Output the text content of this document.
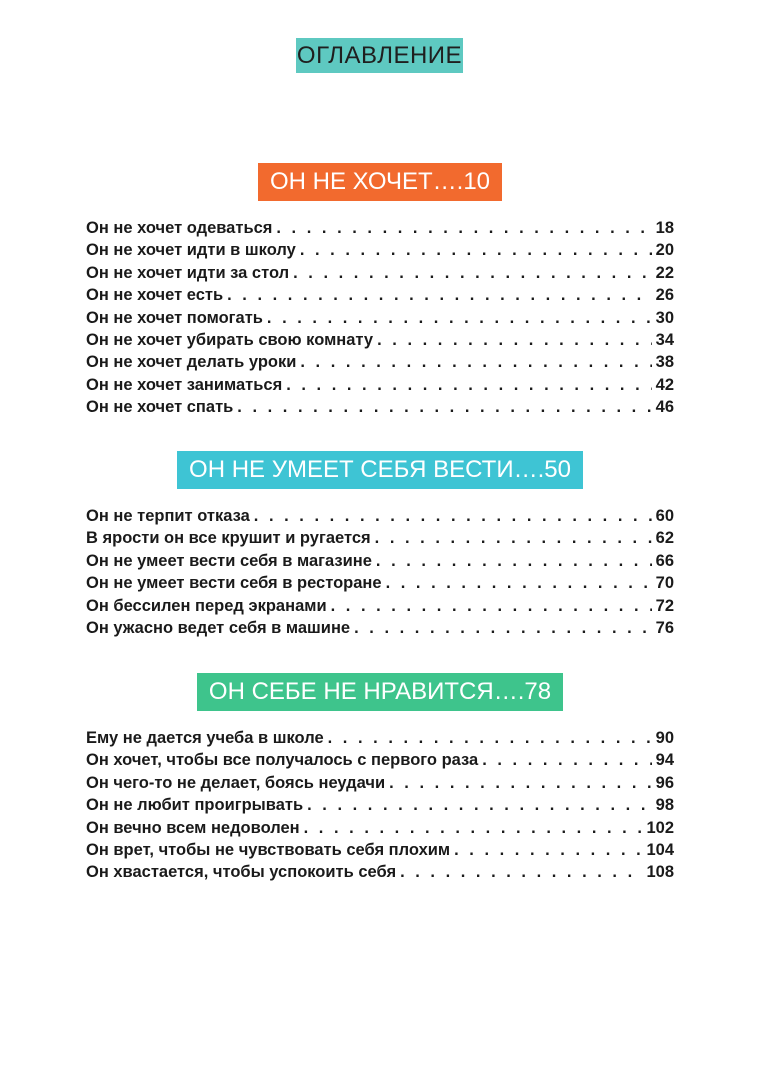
ОГЛАВЛЕНИЕ
ОН НЕ ХОЧЕТ….10
Он не хочет одеваться . . .	18
Он не хочет идти в школу . . .	20
Он не хочет идти за стол . . .	22
Он не хочет есть . . .	26
Он не хочет помогать . . .	30
Он не хочет убирать свою комнату . . .	34
Он не хочет делать уроки . . .	38
Он не хочет заниматься . . .	42
Он не хочет спать . . .	46
ОН НЕ УМЕЕТ СЕБЯ ВЕСТИ….50
Он не терпит отказа . . .	60
В ярости он все крушит и ругается . . .	62
Он не умеет вести себя в магазине . . .	66
Он не умеет вести себя в ресторане . . .	70
Он бессилен перед экранами . . .	72
Он ужасно ведет себя в машине . . .	76
ОН СЕБЕ НЕ НРАВИТСЯ….78
Ему не дается учеба в школе . . .	90
Он хочет, чтобы все получалось с первого раза . . .	94
Он чего-то не делает, боясь неудачи . . .	96
Он не любит проигрывать . . .	98
Он вечно всем недоволен . . .	102
Он врет, чтобы не чувствовать себя плохим . . .	104
Он хвастается, чтобы успокоить себя . . .	108
